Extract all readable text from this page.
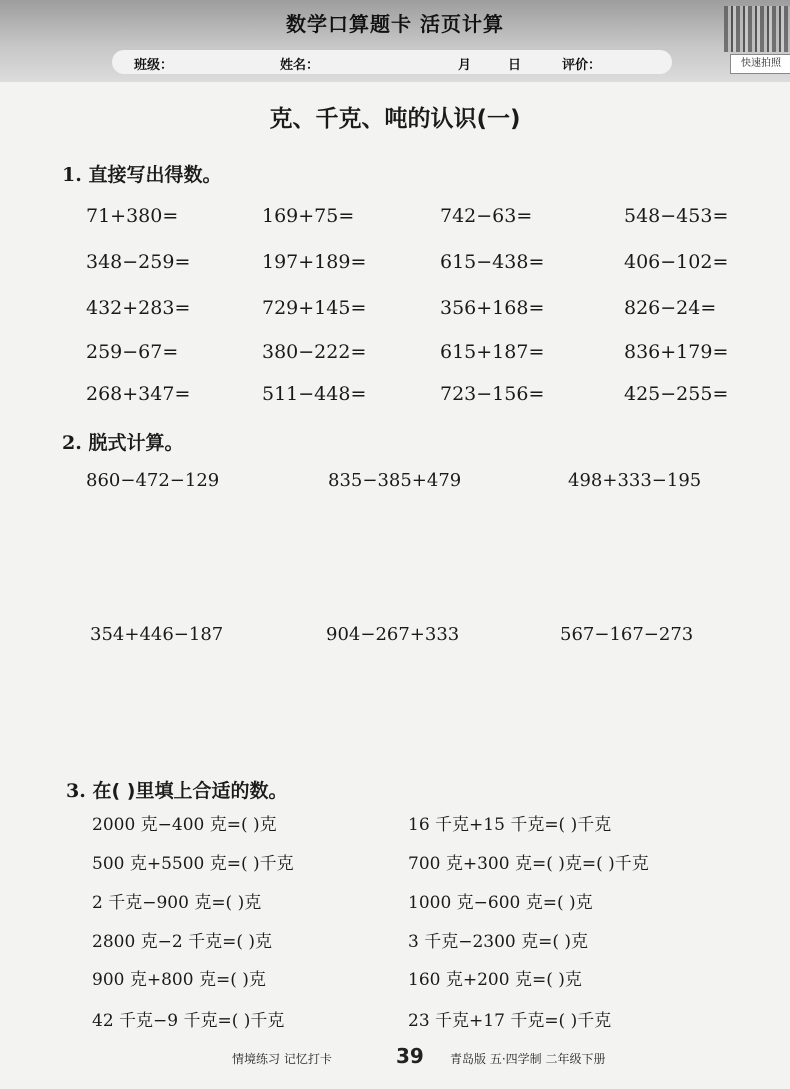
数学口算题卡 活页计算
班级：	姓名：	月	日	评价：	快速拍照
克、千克、吨的认识(一)
1. 直接写出得数。
71+380=	169+75=	742−63=	548−453=
348−259=	197+189=	615−438=	406−102=
432+283=	729+145=	356+168=	826−24=
259−67=	380−222=	615+187=	836+179=
268+347=	511−448=	723−156=	425−255=
2. 脱式计算。
860−472−129	835−385+479	498+333−195
354+446−187	904−267+333	567−167−273
3. 在( )里填上合适的数。
2000 克−400 克=( )克	16 千克+15 千克=( )千克
500 克+5500 克=( )千克	700 克+300 克=( )克=( )千克
2 千克−900 克=( )克	1000 克−600 克=( )克
2800 克−2 千克=( )克	3 千克−2300 克=( )克
900 克+800 克=( )克	160 克+200 克=( )克
42 千克−9 千克=( )千克	23 千克+17 千克=( )千克
情境练习 记忆打卡	39 青岛版 五·四学制 二年级下册
